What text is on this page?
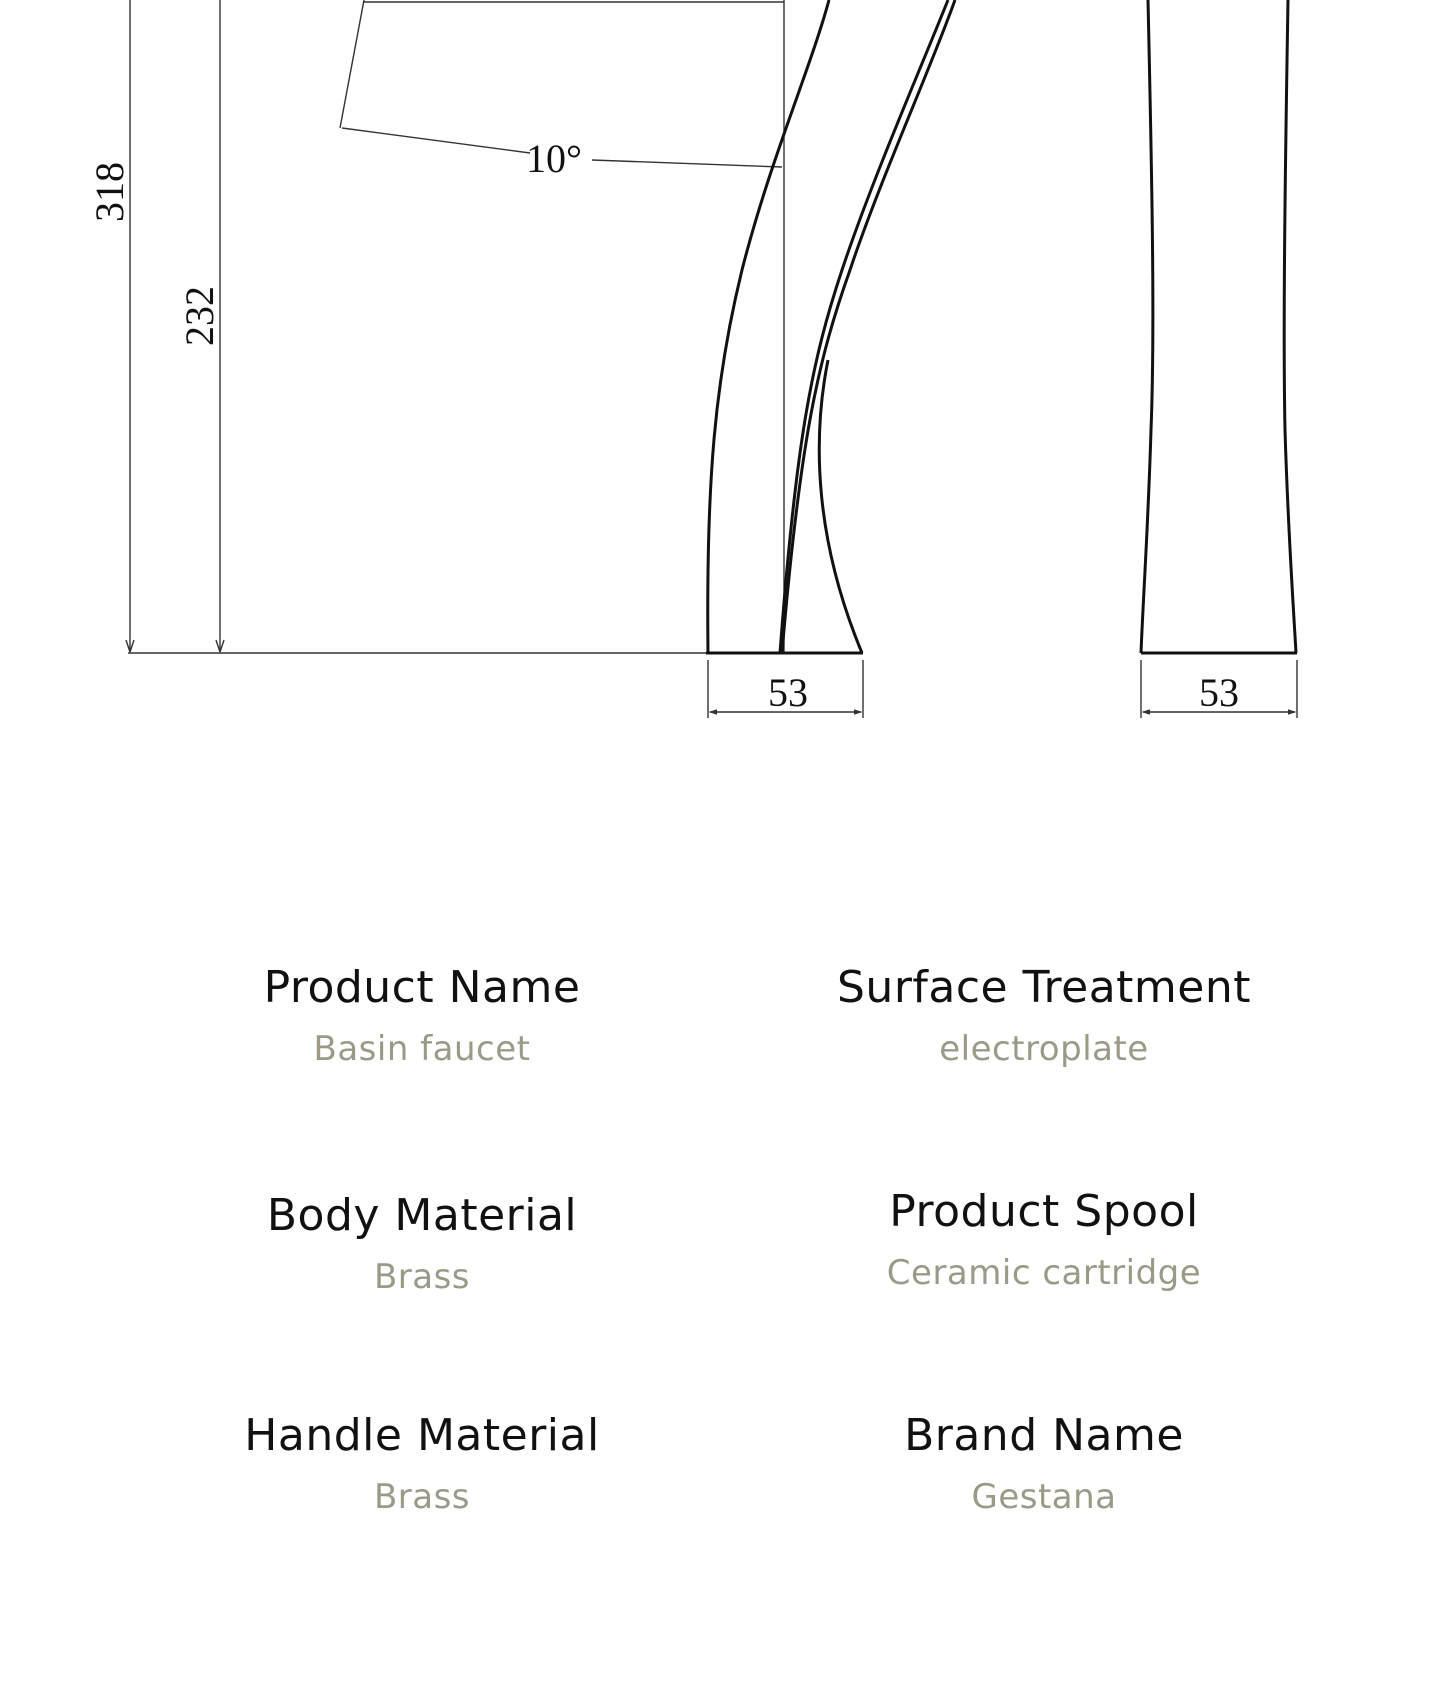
318
232
10°
53	53
Product Name
Basin faucet
Surface Treatment
electroplate
Body Material
Brass
Product Spool
Ceramic cartridge
Handle Material
Brass
Brand Name
Gestana
